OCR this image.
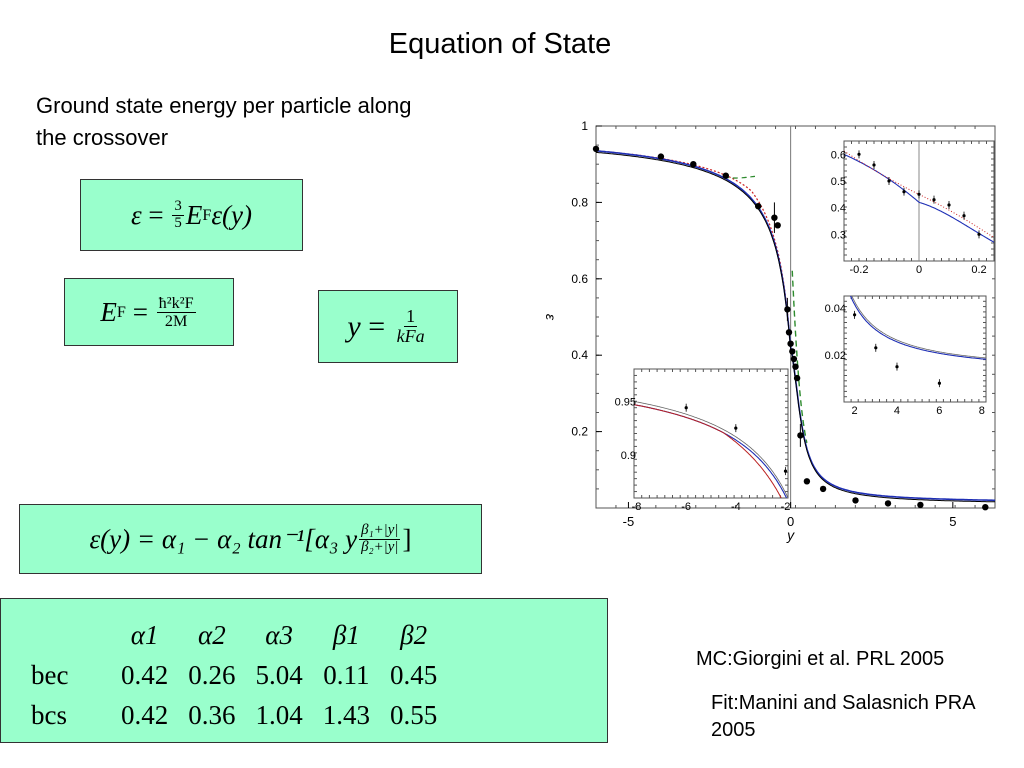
Equation of State
Ground state energy per particle along the crossover
ε
=
$\frac{3}{5}$ E F ε(y)
E F
=
$\frac{\text{ħ²k²F}}{2M}$	y
=
$\frac{1}{\text{kFa}}$
ε(y) = α₁ − α₂ tan⁻¹[α₃ y $\frac{\text{β₁+|y|}}{\text{β₂+|y|}}$ ]
	α1	α2	α3	β1	β2
bec	0.42	0.26	5.04	0.11	0.45
bcs	0.42	0.36	1.04	1.43	0.55
MC:Giorgini et al. PRL 2005
Fit:Manini and Salasnich PRA 2005
0.2
0.4
0.6
0.8
1
-5	0	5
y
ε
0.3
0.4
0.5
0.6
-0.2	0	0.2
0.02
0.04
2	4	6	8
0.9
0.95
-8	-6	-4	-2
